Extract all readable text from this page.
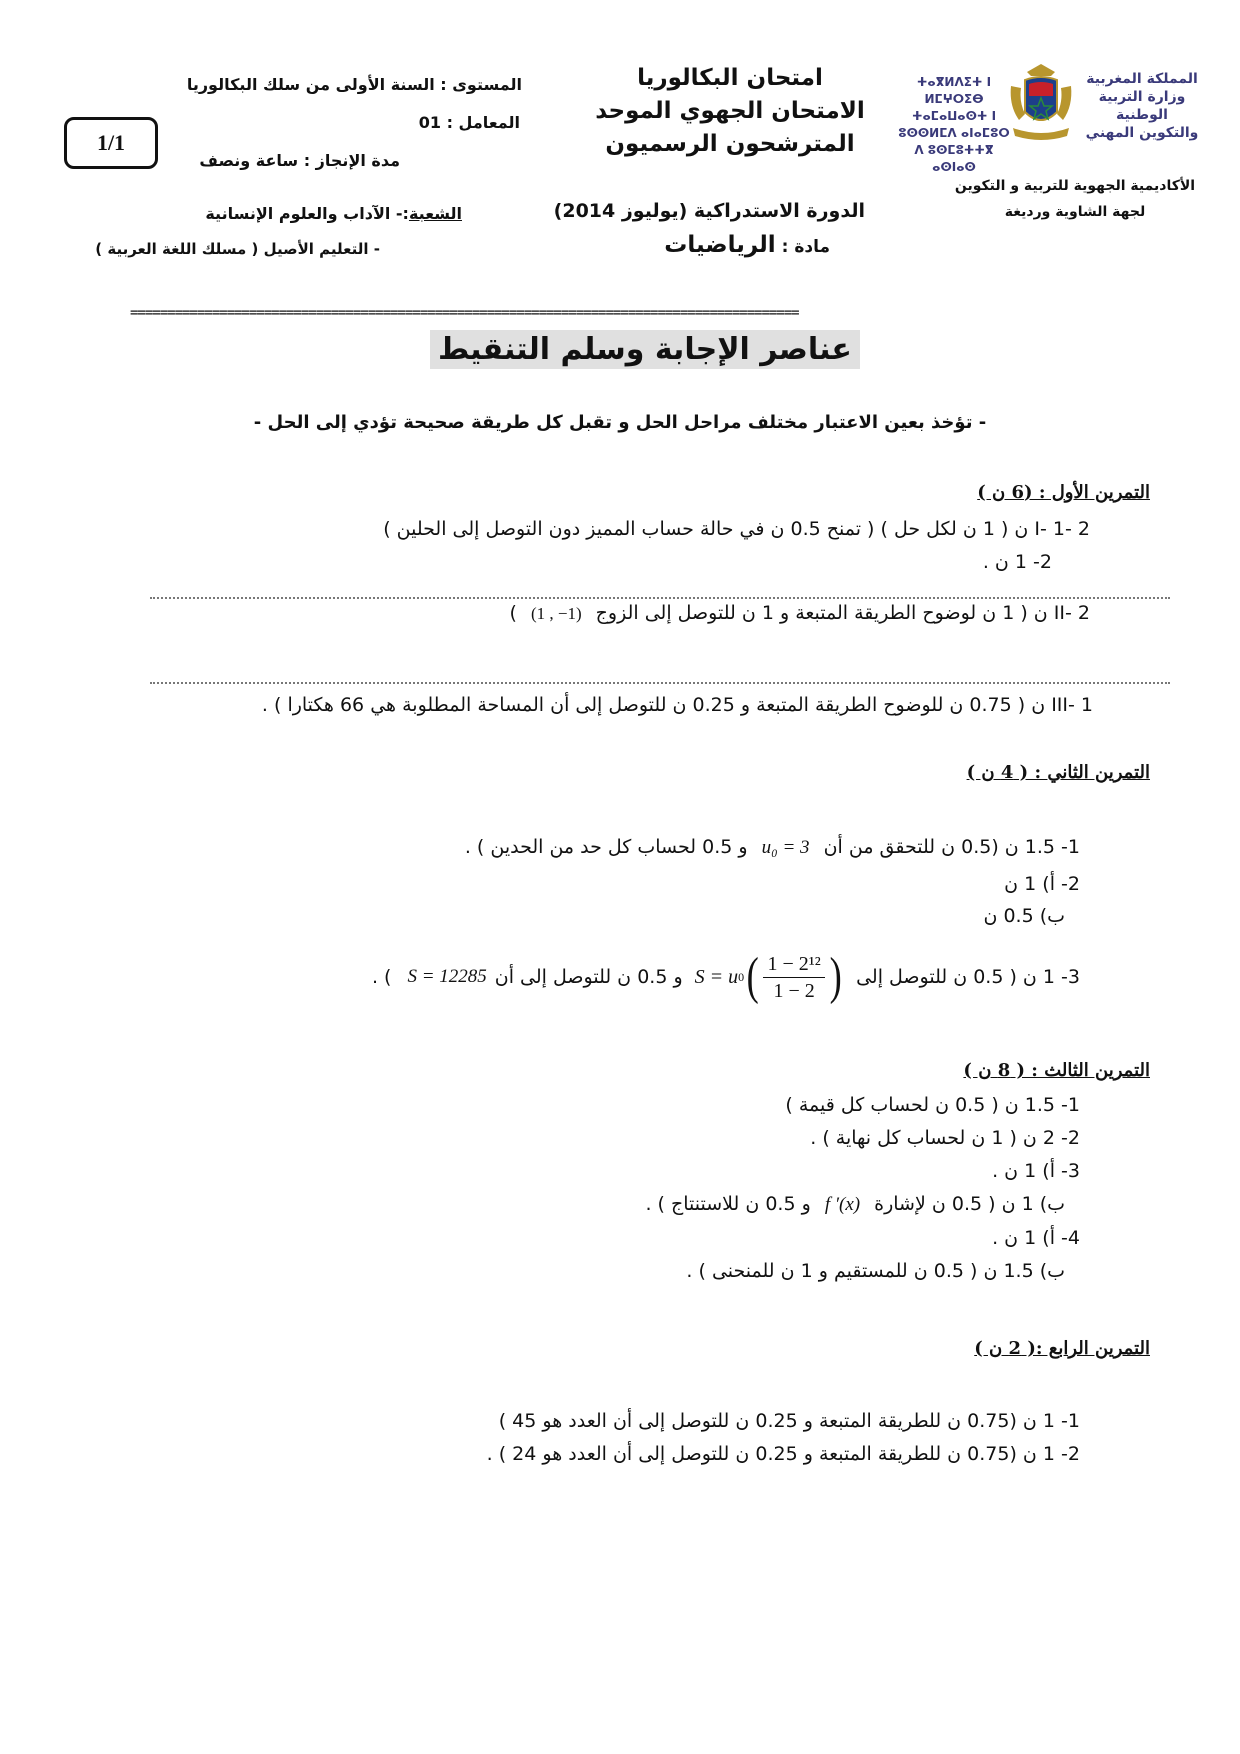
المملكة المغربية
وزارة التربية الوطنية
والتكوين المهني
ⵜⴰⴳⵍⴷⵉⵜ ⵏ ⵍⵎⵖⵔⵉⴱ
ⵜⴰⵎⴰⵡⴰⵙⵜ ⵏ ⵓⵙⵙⵍⵎⴷ ⴰⵏⴰⵎⵓⵔ
ⴷ ⵓⵙⵎⵓⵜⵜⴳ ⴰⵙⵏⴰⵙ
الأكاديمية الجهوية للتربية و التكوين
لجهة الشاوية ورديغة
امتحان البكالوريا
الامتحان الجهوي الموحد
المترشحون الرسميون
الدورة الاستدراكية (يوليوز 2014)
مادة : الرياضيات
المستوى : السنة الأولى من سلك البكالوريا
المعامل : 01
1/1
مدة الإنجاز : ساعة ونصف
الشعبة:- الآداب والعلوم الإنسانية
- التعليم الأصيل ( مسلك اللغة العربية )
==========================================================================================
عناصر الإجابة وسلم التنقيط
- تؤخذ بعين الاعتبار مختلف مراحل الحل و تقبل كل طريقة صحيحة تؤدي إلى الحل -
التمرين الأول : (6 ن )
I- 1- 2 ن ( 1 ن لكل حل ) ( تمنح 0.5 ن في حالة حساب المميز دون التوصل إلى الحلين )
2- 1 ن .
II- 2 ن ( 1 ن لوضوح الطريقة المتبعة و 1 ن للتوصل إلى الزوج (1 , −1) )
III- 1 ن ( 0.75 ن للوضوح الطريقة المتبعة و 0.25 ن للتوصل إلى أن المساحة المطلوبة هي 66 هكتارا ) .
التمرين الثاني : ( 4 ن )
1- 1.5 ن (0.5 ن للتحقق من أن u₀ = 3 و 0.5 لحساب كل حد من الحدين ) .
2- أ) 1 ن
ب) 0.5 ن
3- 1 ن ( 0.5 ن للتوصل إلى
S = u 0 ( $\frac{\text{1 − 2¹²}}{1 - 2}$ )
و 0.5 ن للتوصل إلى أن
S = 12285
) .
التمرين الثالث : ( 8 ن )
1- 1.5 ن ( 0.5 ن لحساب كل قيمة )
2- 2 ن ( 1 ن لحساب كل نهاية ) .
3- أ) 1 ن .
ب) 1 ن ( 0.5 ن لإشارة f ′(x) و 0.5 ن للاستنتاج ) .
4- أ) 1 ن .
ب) 1.5 ن ( 0.5 ن للمستقيم و 1 ن للمنحنى ) .
التمرين الرابع :( 2 ن )
1- 1 ن (0.75 ن للطريقة المتبعة و 0.25 ن للتوصل إلى أن العدد هو 45 )
2- 1 ن (0.75 ن للطريقة المتبعة و 0.25 ن للتوصل إلى أن العدد هو 24 ) .
